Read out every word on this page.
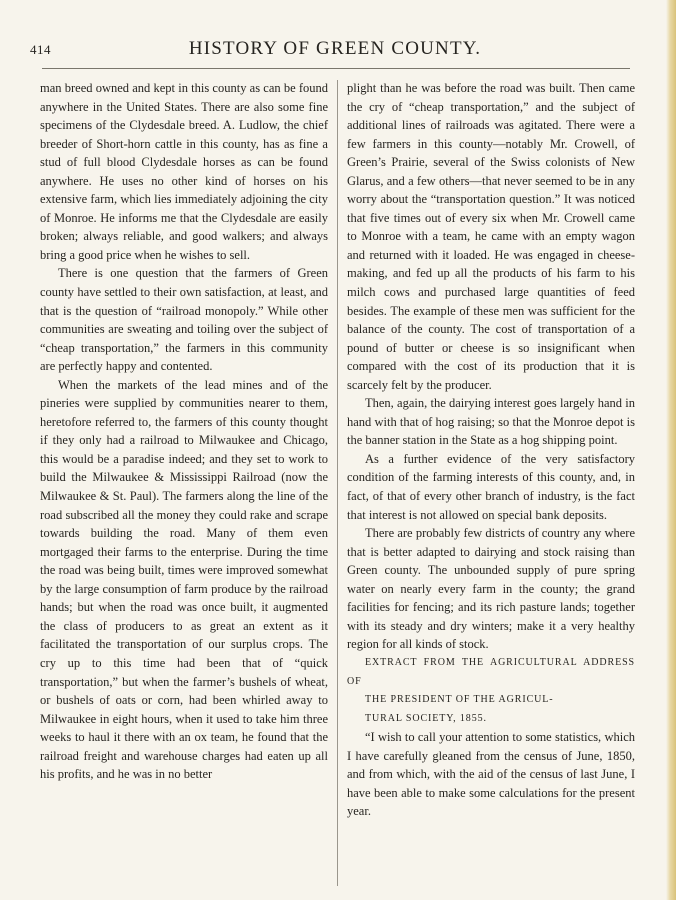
414	HISTORY OF GREEN COUNTY.

man breed owned and kept in this county as can be found anywhere in the United States. There are also some fine specimens of the Clydesdale breed. A. Ludlow, the chief breeder of Short-horn cattle in this county, has as fine a stud of full blood Clydesdale horses as can be found anywhere. He uses no other kind of horses on his extensive farm, which lies immediately adjoining the city of Monroe. He informs me that the Clydesdale are easily broken; always reliable, and good walkers; and always bring a good price when he wishes to sell.

There is one question that the farmers of Green county have settled to their own satisfaction, at least, and that is the question of “railroad monopoly.” While other communities are sweating and toiling over the subject of “cheap transportation,” the farmers in this community are perfectly happy and contented.

When the markets of the lead mines and of the pineries were supplied by communities nearer to them, heretofore referred to, the farmers of this county thought if they only had a railroad to Milwaukee and Chicago, this would be a paradise indeed; and they set to work to build the Milwaukee & Mississippi Railroad (now the Milwaukee & St. Paul). The farmers along the line of the road subscribed all the money they could rake and scrape towards building the road. Many of them even mortgaged their farms to the enterprise. During the time the road was being built, times were improved somewhat by the large consumption of farm produce by the railroad hands; but when the road was once built, it augmented the class of producers to as great an extent as it facilitated the transportation of our surplus crops. The cry up to this time had been that of “quick transportation,” but when the farmer’s bushels of wheat, or bushels of oats or corn, had been whirled away to Milwaukee in eight hours, when it used to take him three weeks to haul it there with an ox team, he found that the railroad freight and warehouse charges had eaten up all his profits, and he was in no better

plight than he was before the road was built. Then came the cry of “cheap transportation,” and the subject of additional lines of railroads was agitated. There were a few farmers in this county—notably Mr. Crowell, of Green’s Prairie, several of the Swiss colonists of New Glarus, and a few others—that never seemed to be in any worry about the “transportation question.” It was noticed that five times out of every six when Mr. Crowell came to Monroe with a team, he came with an empty wagon and returned with it loaded. He was engaged in cheese-making, and fed up all the products of his farm to his milch cows and purchased large quantities of feed besides. The example of these men was sufficient for the balance of the county. The cost of transportation of a pound of butter or cheese is so insignificant when compared with the cost of its production that it is scarcely felt by the producer.

Then, again, the dairying interest goes largely hand in hand with that of hog raising; so that the Monroe depot is the banner station in the State as a hog shipping point.

As a further evidence of the very satisfactory condition of the farming interests of this county, and, in fact, of that of every other branch of industry, is the fact that interest is not allowed on special bank deposits.

There are probably few districts of country any where that is better adapted to dairying and stock raising than Green county. The unbounded supply of pure spring water on nearly every farm in the county; the grand facilities for fencing; and its rich pasture lands; together with its steady and dry winters; make it a very healthy region for all kinds of stock.

EXTRACT FROM THE AGRICULTURAL ADDRESS OF

THE PRESIDENT OF THE AGRICUL-

TURAL SOCIETY, 1855.

“I wish to call your attention to some statistics, which I have carefully gleaned from the census of June, 1850, and from which, with the aid of the census of last June, I have been able to make some calculations for the present year.
